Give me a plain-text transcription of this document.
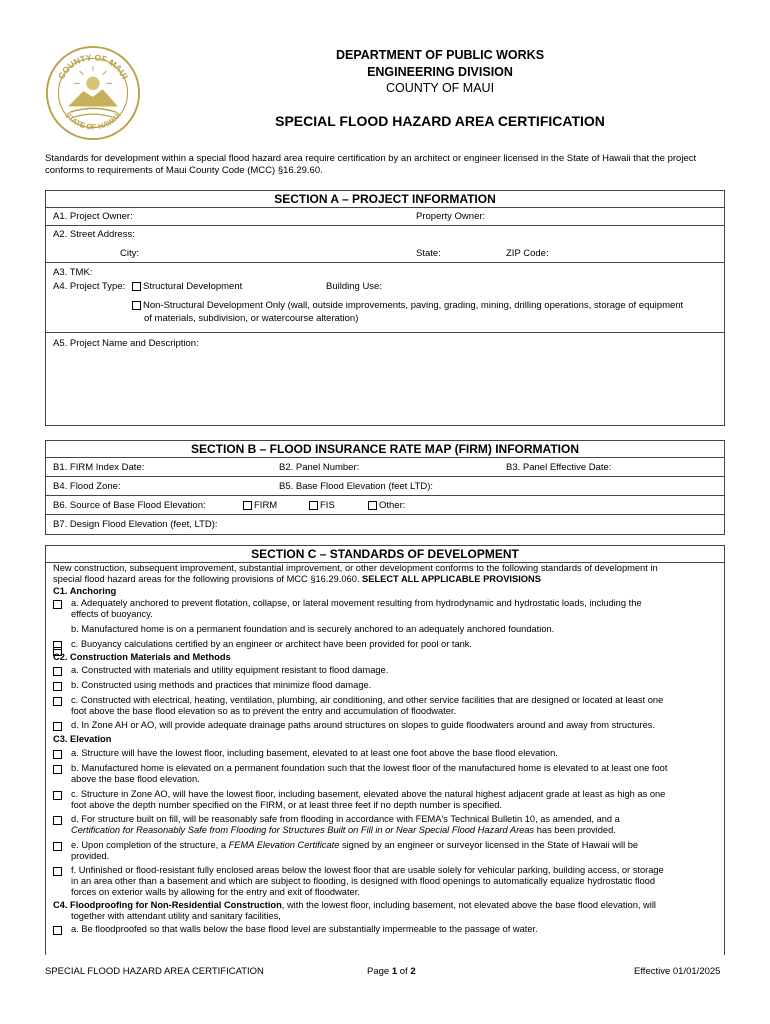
COUNTY OF MAUI
STATE OF HAWAII
DEPARTMENT OF PUBLIC WORKS
ENGINEERING DIVISION
COUNTY OF MAUI
SPECIAL FLOOD HAZARD AREA CERTIFICATION
Standards for development within a special flood hazard area require certification by an architect or engineer licensed in the State of Hawaii that the project conforms to requirements of Maui County Code (MCC) §16.29.60.
SECTION A – PROJECT INFORMATION
A1. Project Owner:	Property Owner:
A2. Street Address:
City:	State:	ZIP Code:
A3. TMK:
A4. Project Type:	Structural Development	Building Use:
Non-Structural Development Only (wall, outside improvements, paving, grading, mining, drilling operations, storage of equipment
of materials, subdivision, or watercourse alteration)
A5. Project Name and Description:
SECTION B – FLOOD INSURANCE RATE MAP (FIRM) INFORMATION
B1. FIRM Index Date:	B2. Panel Number:	B3. Panel Effective Date:
B4. Flood Zone:	B5. Base Flood Elevation (feet LTD):
B6. Source of Base Flood Elevation:	FIRM	FIS	Other:
B7. Design Flood Elevation (feet, LTD):
SECTION C – STANDARDS OF DEVELOPMENT
New construction, subsequent improvement, substantial improvement, or other development conforms to the following standards of development in
special flood hazard areas for the following provisions of MCC §16.29.060. SELECT ALL APPLICABLE PROVISIONS
C1. Anchoring
a. Adequately anchored to prevent flotation, collapse, or lateral movement resulting from hydrodynamic and hydrostatic loads, including the
effects of buoyancy.
b. Manufactured home is on a permanent foundation and is securely anchored to an adequately anchored foundation.
c. Buoyancy calculations certified by an engineer or architect have been provided for pool or tank.
C2. Construction Materials and Methods
a. Constructed with materials and utility equipment resistant to flood damage.
b. Constructed using methods and practices that minimize flood damage.
c. Constructed with electrical, heating, ventilation, plumbing, air conditioning, and other service facilities that are designed or located at least one
foot above the base flood elevation so as to prevent the entry and accumulation of floodwater.
d. In Zone AH or AO, will provide adequate drainage paths around structures on slopes to guide floodwaters around and away from structures.
C3. Elevation
a. Structure will have the lowest floor, including basement, elevated to at least one foot above the base flood elevation.
b. Manufactured home is elevated on a permanent foundation such that the lowest floor of the manufactured home is elevated to at least one foot
above the base flood elevation.
c. Structure in Zone AO, will have the lowest floor, including basement, elevated above the natural highest adjacent grade at least as high as one
foot above the depth number specified on the FIRM, or at least three feet if no depth number is specified.
d. For structure built on fill, will be reasonably safe from flooding in accordance with FEMA's Technical Bulletin 10, as amended, and a
Certification for Reasonably Safe from Flooding for Structures Built on Fill in or Near Special Flood Hazard Areas has been provided.
e. Upon completion of the structure, a FEMA Elevation Certificate signed by an engineer or surveyor licensed in the State of Hawaii will be
provided.
f. Unfinished or flood-resistant fully enclosed areas below the lowest floor that are usable solely for vehicular parking, building access, or storage
in an area other than a basement and which are subject to flooding, is designed with flood openings to automatically equalize hydrostatic flood
forces on exterior walls by allowing for the entry and exit of floodwater.
C4. Floodproofing for Non-Residential Construction, with the lowest floor, including basement, not elevated above the base flood elevation, will
together with attendant utility and sanitary facilities,
a. Be floodproofed so that walls below the base flood level are substantially impermeable to the passage of water.
SPECIAL FLOOD HAZARD AREA CERTIFICATION	Page 1 of 2	Effective 01/01/2025
